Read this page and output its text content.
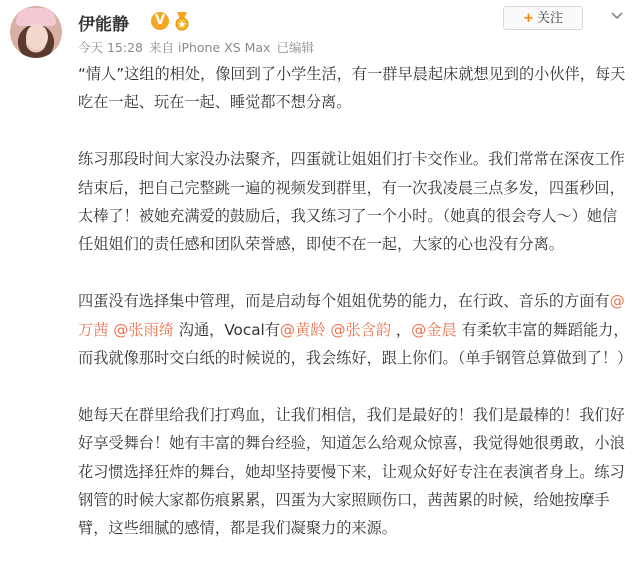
伊能静	V
今天 15:28 来自 iPhone XS Max 已编辑
+ 关注

“情人”这组的相处，像回到了小学生活，有一群早晨起床就想见到的小伙伴，每天吃在一起、玩在一起、睡觉都不想分离。

练习那段时间大家没办法聚齐，四蛋就让姐姐们打卡交作业。我们常常在深夜工作结束后，把自己完整跳一遍的视频发到群里，有一次我凌晨三点多发，四蛋秒回，太棒了！被她充满爱的鼓励后，我又练习了一个小时。（她真的很会夸人～）她信任姐姐们的责任感和团队荣誉感，即使不在一起，大家的心也没有分离。

四蛋没有选择集中管理，而是启动每个姐姐优势的能力，在行政、音乐的方面有@万茜 @张雨绮 沟通，Vocal有@黄龄 @张含韵 ，@金晨 有柔软丰富的舞蹈能力，而我就像那时交白纸的时候说的，我会练好，跟上你们。（单手钢管总算做到了！）

她每天在群里给我们打鸡血，让我们相信，我们是最好的！我们是最棒的！我们好好享受舞台！她有丰富的舞台经验，知道怎么给观众惊喜，我觉得她很勇敢，小浪花习惯选择狂炸的舞台，她却坚持要慢下来，让观众好好专注在表演者身上。练习钢管的时候大家都伤痕累累，四蛋为大家照顾伤口，茜茜累的时候，给她按摩手臂，这些细腻的感情，都是我们凝聚力的来源。
